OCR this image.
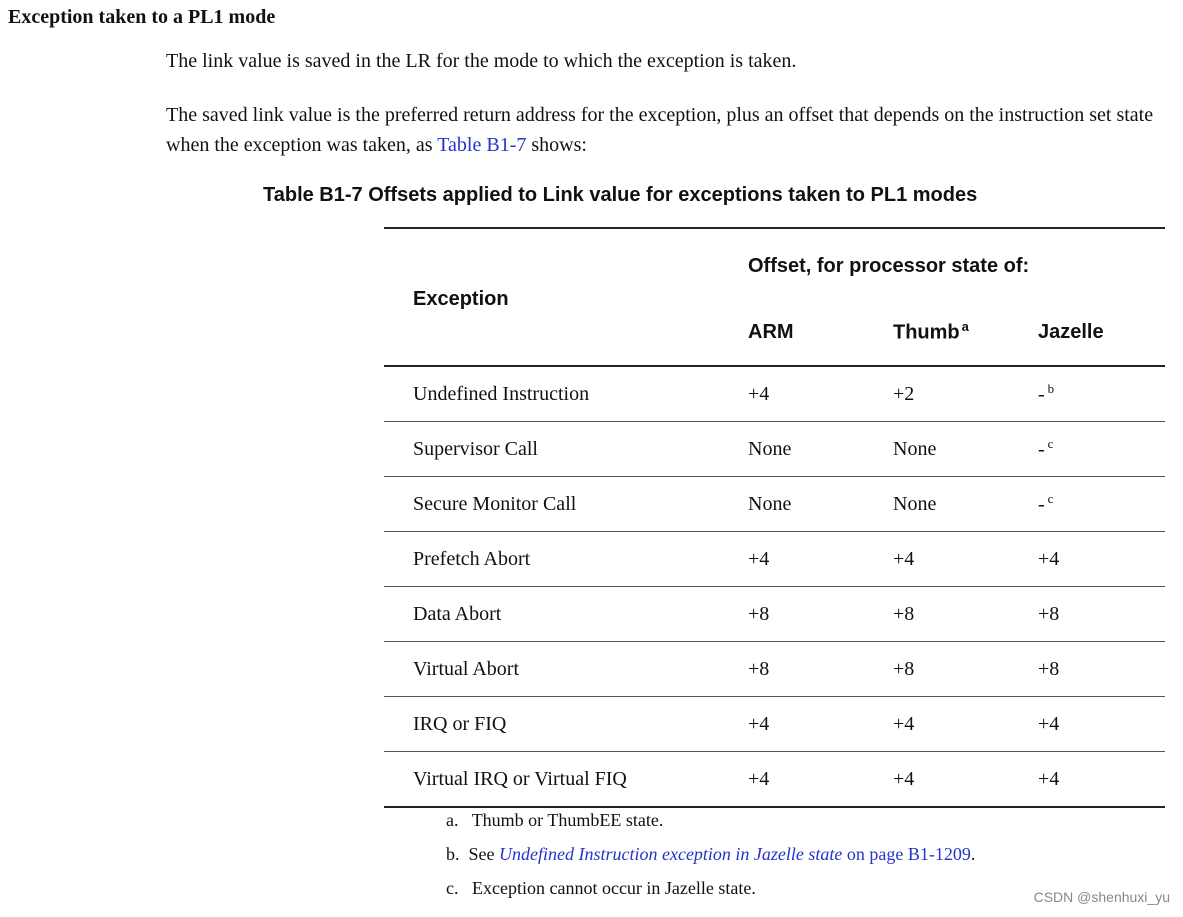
Exception taken to a PL1 mode
The link value is saved in the LR for the mode to which the exception is taken.
The saved link value is the preferred return address for the exception, plus an offset that depends on the instruction set state when the exception was taken, as Table B1-7 shows:
Table B1-7 Offsets applied to Link value for exceptions taken to PL1 modes
Exception	Offset, for processor state of:		
	ARM	Thumb $^a$	Jazelle
Undefined Instruction	+4	+2	- $^b$
Supervisor Call	None	None	- $^c$
Secure Monitor Call	None	None	- $^c$
Prefetch Abort	+4	+4	+4
Data Abort	+8	+8	+8
Virtual Abort	+8	+8	+8
IRQ or FIQ	+4	+4	+4
Virtual IRQ or Virtual FIQ	+4	+4	+4
a. Thumb or ThumbEE state.
b. See Undefined Instruction exception in Jazelle state on page B1-1209.
c. Exception cannot occur in Jazelle state.	CSDN @shenhuxi_yu
